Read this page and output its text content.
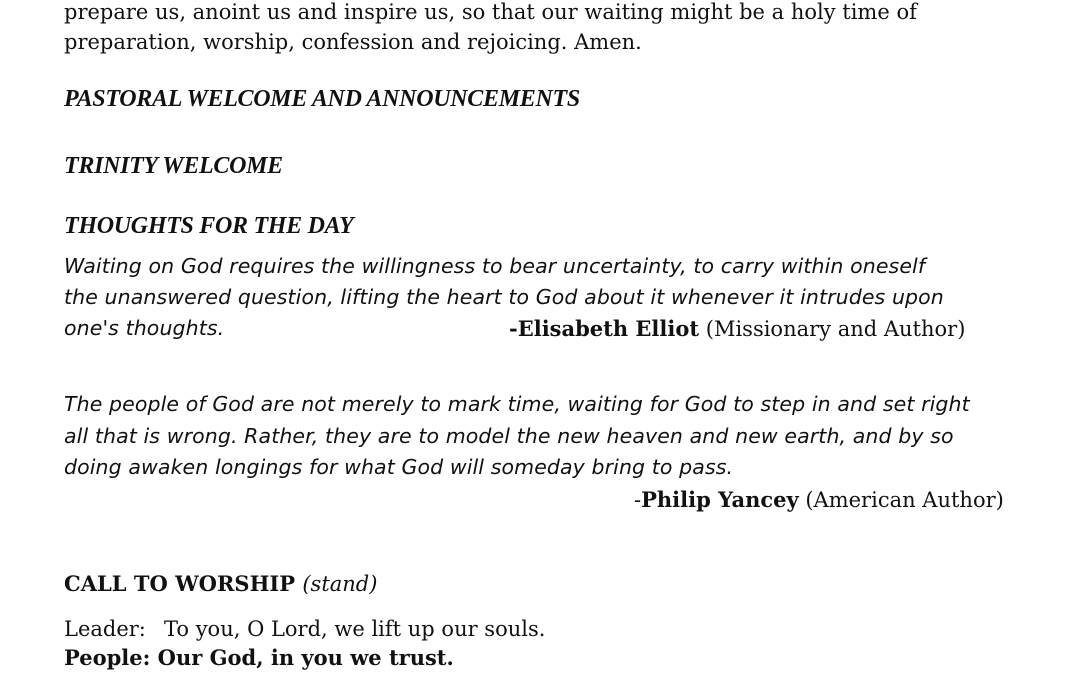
prepare us, anoint us and inspire us, so that our waiting might be a holy time of
preparation, worship, confession and rejoicing. Amen.
PASTORAL WELCOME AND ANNOUNCEMENTS
TRINITY WELCOME
THOUGHTS FOR THE DAY
Waiting on God requires the willingness to bear uncertainty, to carry within oneself
the unanswered question, lifting the heart to God about it whenever it intrudes upon
one's thoughts.	-Elisabeth Elliot (Missionary and Author)
The people of God are not merely to mark time, waiting for God to step in and set right
all that is wrong. Rather, they are to model the new heaven and new earth, and by so
doing awaken longings for what God will someday bring to pass.
-Philip Yancey (American Author)
CALL TO WORSHIP (stand)
Leader: To you, O Lord, we lift up our souls.
People: Our God, in you we trust.
